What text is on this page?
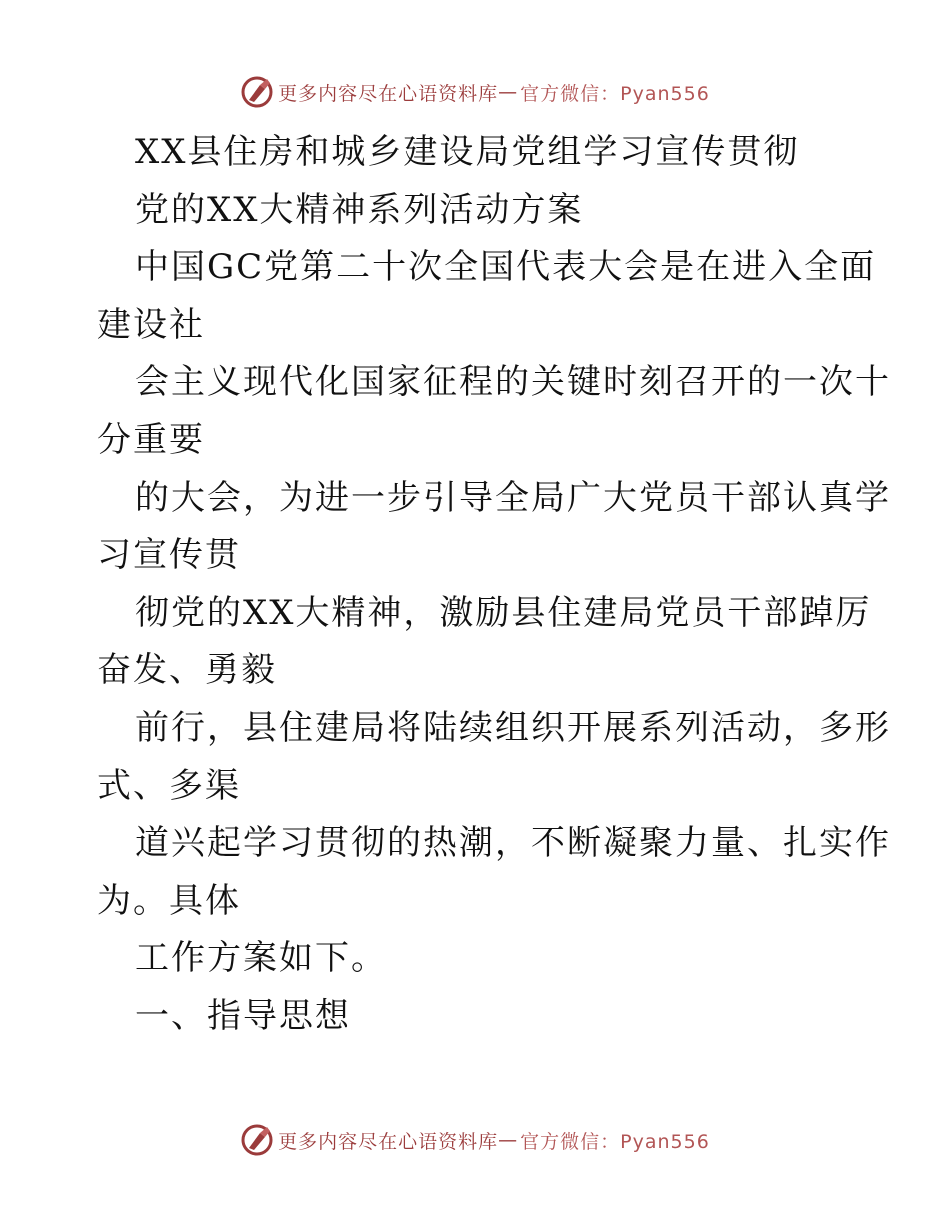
更多内容尽在心语资料库 — 官方微信：Pyan556

XX县住房和城乡建设局党组学习宣传贯彻

党的XX大精神系列活动方案

中国GC党第二十次全国代表大会是在进入全面

建设社

会主义现代化国家征程的关键时刻召开的一次十

分重要

的大会，为进一步引导全局广大党员干部认真学

习宣传贯

彻党的XX大精神，激励县住建局党员干部踔厉

奋发、勇毅

前行，县住建局将陆续组织开展系列活动，多形

式、多渠

道兴起学习贯彻的热潮，不断凝聚力量、扎实作

为。具体

工作方案如下。

一、指导思想

更多内容尽在心语资料库 — 官方微信：Pyan556
